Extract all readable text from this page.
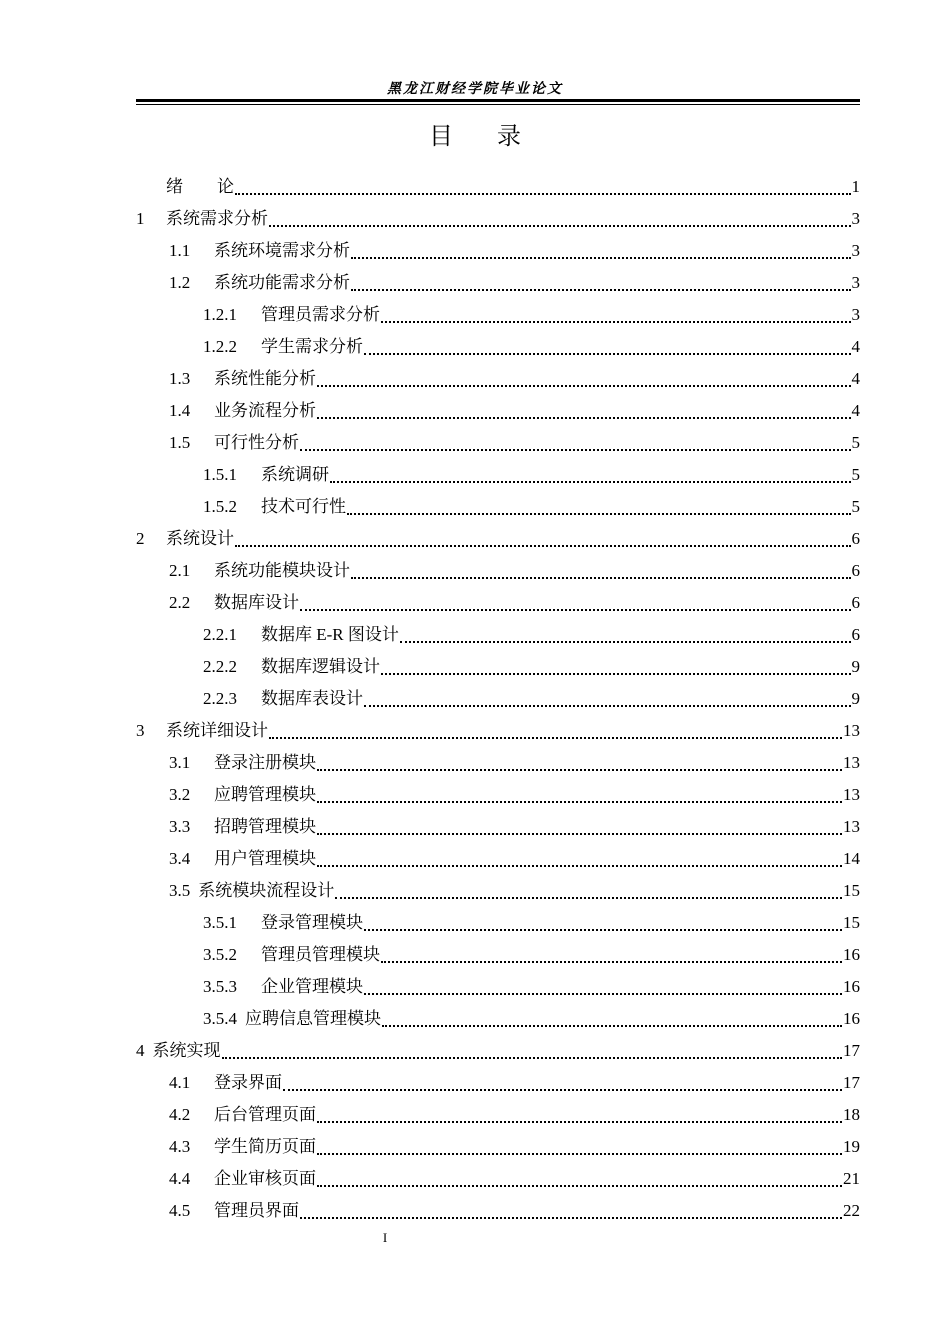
黑龙江财经学院毕业论文
目录
绪　　论	1
1	系统需求分析	3
1.1	系统环境需求分析	3
1.2	系统功能需求分析	3
1.2.1	管理员需求分析	3
1.2.2	学生需求分析	4
1.3	系统性能分析	4
1.4	业务流程分析	4
1.5	可行性分析	5
1.5.1	系统调研	5
1.5.2	技术可行性	5
2	系统设计	6
2.1	系统功能模块设计	6
2.2	数据库设计	6
2.2.1	数据库 E-R 图设计	6
2.2.2	数据库逻辑设计	9
2.2.3	数据库表设计	9
3	系统详细设计	13
3.1	登录注册模块	13
3.2	应聘管理模块	13
3.3	招聘管理模块	13
3.4	用户管理模块	14
3.5 系统模块流程设计	15
3.5.1	登录管理模块	15
3.5.2	管理员管理模块	16
3.5.3	企业管理模块	16
3.5.4 应聘信息管理模块	16
4 系统实现	17
4.1	登录界面	17
4.2	后台管理页面	18
4.3	学生简历页面	19
4.4	企业审核页面	21
4.5	管理员界面	22
I
